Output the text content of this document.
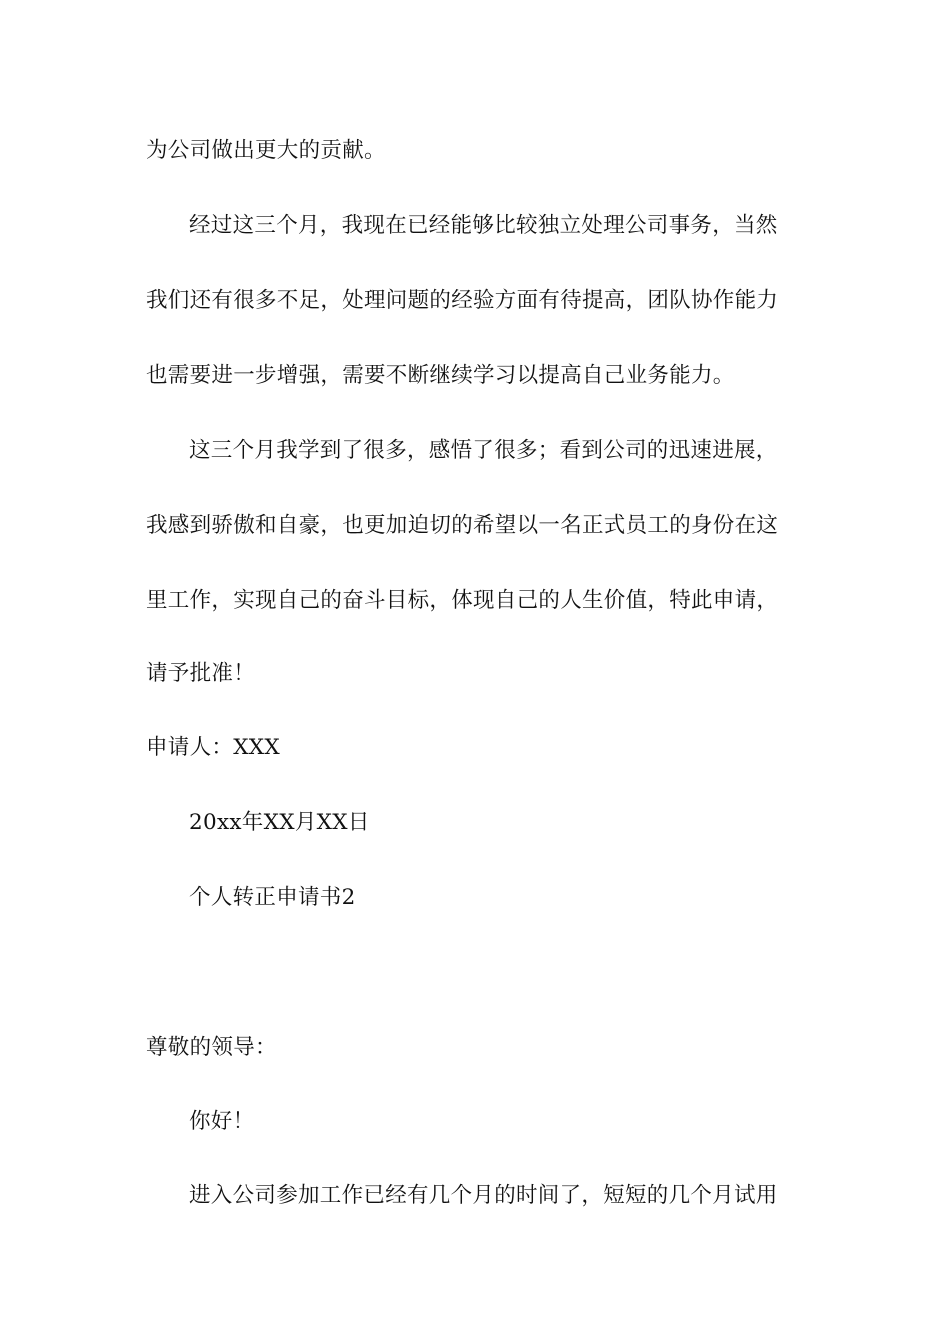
为公司做出更大的贡献。
经过这三个月，我现在已经能够比较独立处理公司事务，当然
我们还有很多不足，处理问题的经验方面有待提高，团队协作能力
也需要进一步增强，需要不断继续学习以提高自己业务能力。
这三个月我学到了很多，感悟了很多；看到公司的迅速进展，
我感到骄傲和自豪，也更加迫切的希望以一名正式员工的身份在这
里工作，实现自己的奋斗目标，体现自己的人生价值，特此申请，
请予批准！
申请人：XXX
20xx年XX月XX日
个人转正申请书2
尊敬的领导：
你好！
进入公司参加工作已经有几个月的时间了，短短的几个月试用
